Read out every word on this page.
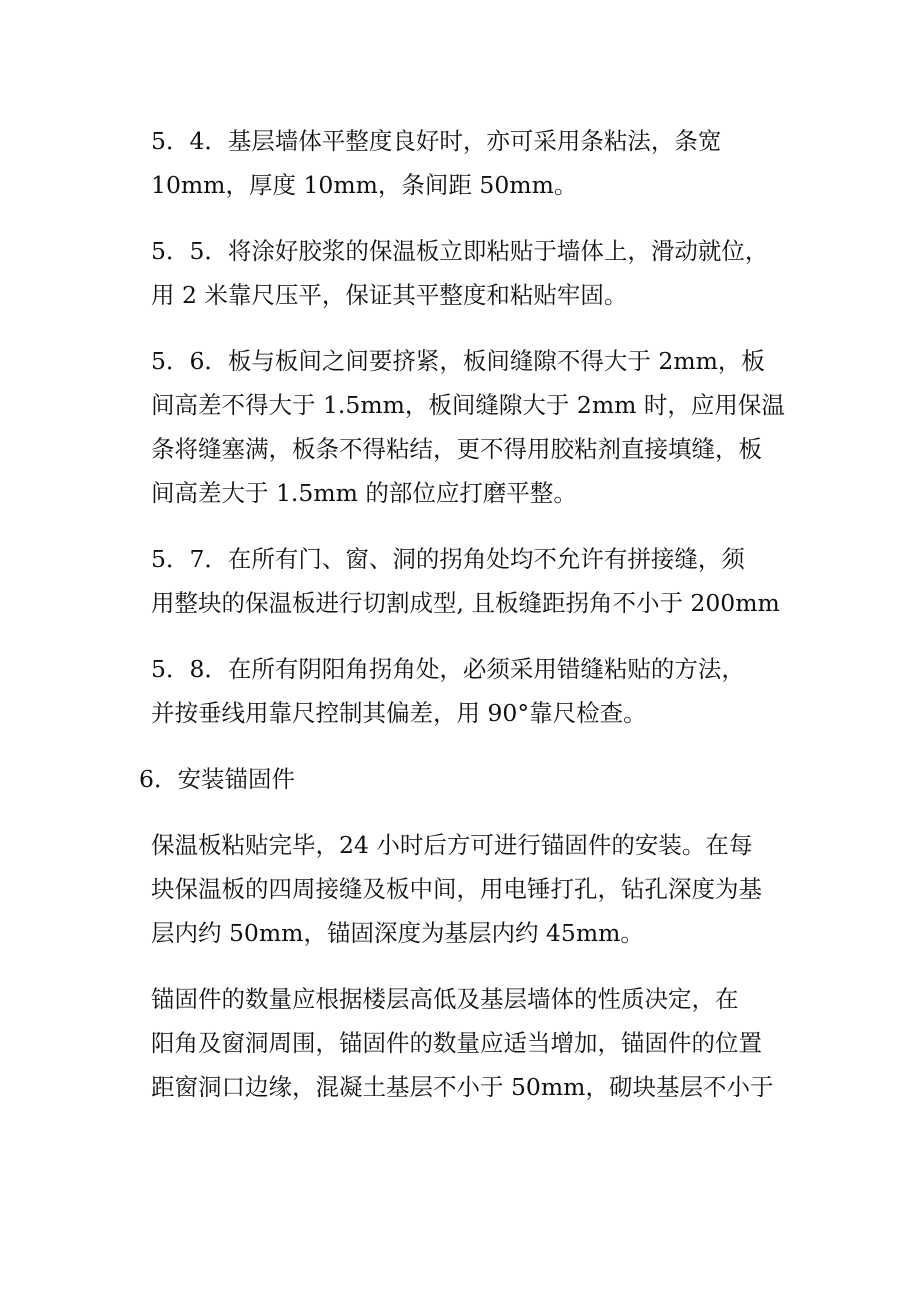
5．4．基层墙体平整度良好时，亦可采用条粘法，条宽
10mm，厚度 10mm，条间距 50mm。

5．5．将涂好胶浆的保温板立即粘贴于墙体上，滑动就位，
用 2 米靠尺压平，保证其平整度和粘贴牢固。

5．6．板与板间之间要挤紧，板间缝隙不得大于 2mm，板
间高差不得大于 1.5mm，板间缝隙大于 2mm 时，应用保温
条将缝塞满，板条不得粘结，更不得用胶粘剂直接填缝，板
间高差大于 1.5mm 的部位应打磨平整。

5．7．在所有门、窗、洞的拐角处均不允许有拼接缝，须
用整块的保温板进行切割成型, 且板缝距拐角不小于 200mm

5．8．在所有阴阳角拐角处，必须采用错缝粘贴的方法，
并按垂线用靠尺控制其偏差，用 90°靠尺检查。

6．安装锚固件

保温板粘贴完毕，24 小时后方可进行锚固件的安装。在每
块保温板的四周接缝及板中间，用电锤打孔，钻孔深度为基
层内约 50mm，锚固深度为基层内约 45mm。

锚固件的数量应根据楼层高低及基层墙体的性质决定，在
阳角及窗洞周围，锚固件的数量应适当增加，锚固件的位置
距窗洞口边缘，混凝土基层不小于 50mm，砌块基层不小于
